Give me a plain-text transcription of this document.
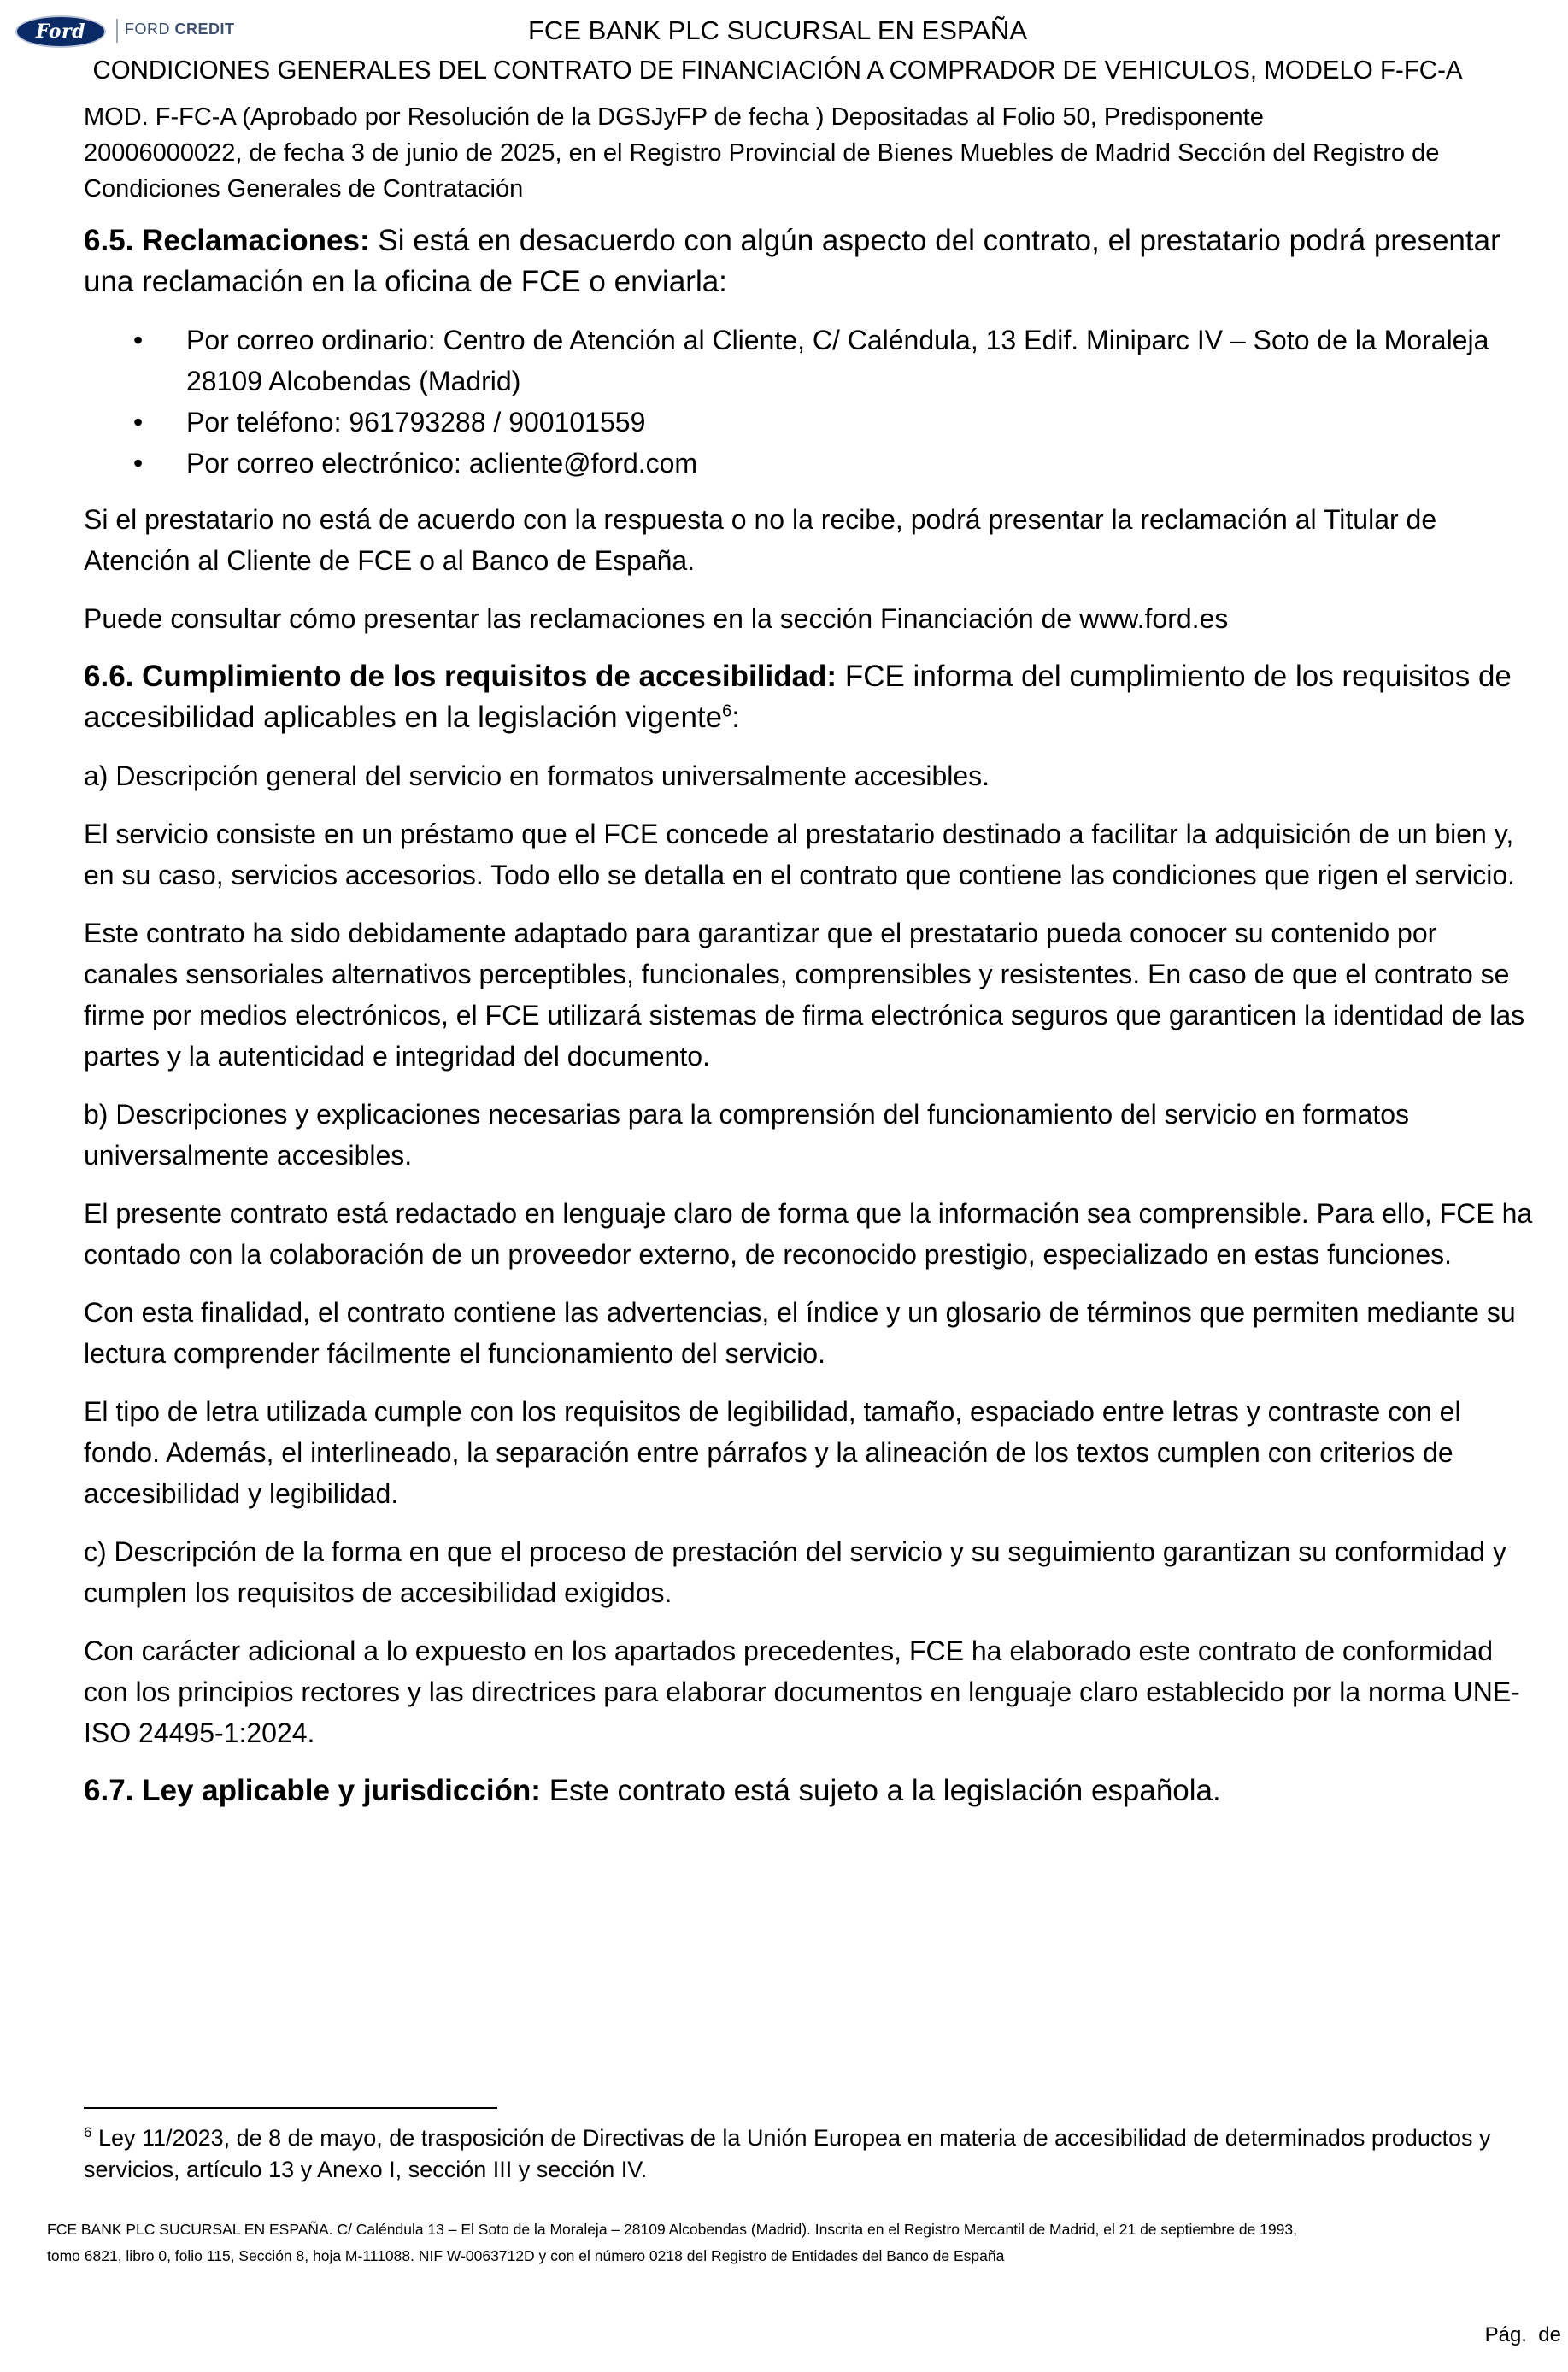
Ford	FORD CREDIT	FCE BANK PLC SUCURSAL EN ESPAÑA
CONDICIONES GENERALES DEL CONTRATO DE FINANCIACIÓN A COMPRADOR DE VEHICULOS, MODELO F-FC-A
MOD. F-FC-A (Aprobado por Resolución de la DGSJyFP de fecha ) Depositadas al Folio 50, Predisponente
20006000022, de fecha 3 de junio de 2025, en el Registro Provincial de Bienes Muebles de Madrid Sección del Registro de
Condiciones Generales de Contratación

6.5. Reclamaciones: Si está en desacuerdo con algún aspecto del contrato, el prestatario podrá presentar una reclamación en la oficina de FCE o enviarla:

• Por correo ordinario: Centro de Atención al Cliente, C/ Caléndula, 13 Edif. Miniparc IV – Soto de la Moraleja 28109 Alcobendas (Madrid)
• Por teléfono: 961793288 / 900101559
• Por correo electrónico: acliente@ford.com

Si el prestatario no está de acuerdo con la respuesta o no la recibe, podrá presentar la reclamación al Titular de Atención al Cliente de FCE o al Banco de España.

Puede consultar cómo presentar las reclamaciones en la sección Financiación de www.ford.es

6.6. Cumplimiento de los requisitos de accesibilidad: FCE informa del cumplimiento de los requisitos de accesibilidad aplicables en la legislación vigente$^6$:

a) Descripción general del servicio en formatos universalmente accesibles.

El servicio consiste en un préstamo que el FCE concede al prestatario destinado a facilitar la adquisición de un bien y, en su caso, servicios accesorios. Todo ello se detalla en el contrato que contiene las condiciones que rigen el servicio.

Este contrato ha sido debidamente adaptado para garantizar que el prestatario pueda conocer su contenido por canales sensoriales alternativos perceptibles, funcionales, comprensibles y resistentes. En caso de que el contrato se firme por medios electrónicos, el FCE utilizará sistemas de firma electrónica seguros que garanticen la identidad de las partes y la autenticidad e integridad del documento.

b) Descripciones y explicaciones necesarias para la comprensión del funcionamiento del servicio en formatos universalmente accesibles.

El presente contrato está redactado en lenguaje claro de forma que la información sea comprensible. Para ello, FCE ha contado con la colaboración de un proveedor externo, de reconocido prestigio, especializado en estas funciones.

Con esta finalidad, el contrato contiene las advertencias, el índice y un glosario de términos que permiten mediante su lectura comprender fácilmente el funcionamiento del servicio.

El tipo de letra utilizada cumple con los requisitos de legibilidad, tamaño, espaciado entre letras y contraste con el fondo. Además, el interlineado, la separación entre párrafos y la alineación de los textos cumplen con criterios de accesibilidad y legibilidad.

c) Descripción de la forma en que el proceso de prestación del servicio y su seguimiento garantizan su conformidad y cumplen los requisitos de accesibilidad exigidos.

Con carácter adicional a lo expuesto en los apartados precedentes, FCE ha elaborado este contrato de conformidad con los principios rectores y las directrices para elaborar documentos en lenguaje claro establecido por la norma UNE-ISO 24495-1:2024.

6.7. Ley aplicable y jurisdicción: Este contrato está sujeto a la legislación española.

$^6$ Ley 11/2023, de 8 de mayo, de trasposición de Directivas de la Unión Europea en materia de accesibilidad de determinados productos y servicios, artículo 13 y Anexo I, sección III y sección IV.
FCE BANK PLC SUCURSAL EN ESPAÑA. C/ Caléndula 13 – El Soto de la Moraleja – 28109 Alcobendas (Madrid). Inscrita en el Registro Mercantil de Madrid, el 21 de septiembre de 1993,
tomo 6821, libro 0, folio 115, Sección 8, hoja M-111088. NIF W-0063712D y con el número 0218 del Registro de Entidades del Banco de España
Pág.  de
